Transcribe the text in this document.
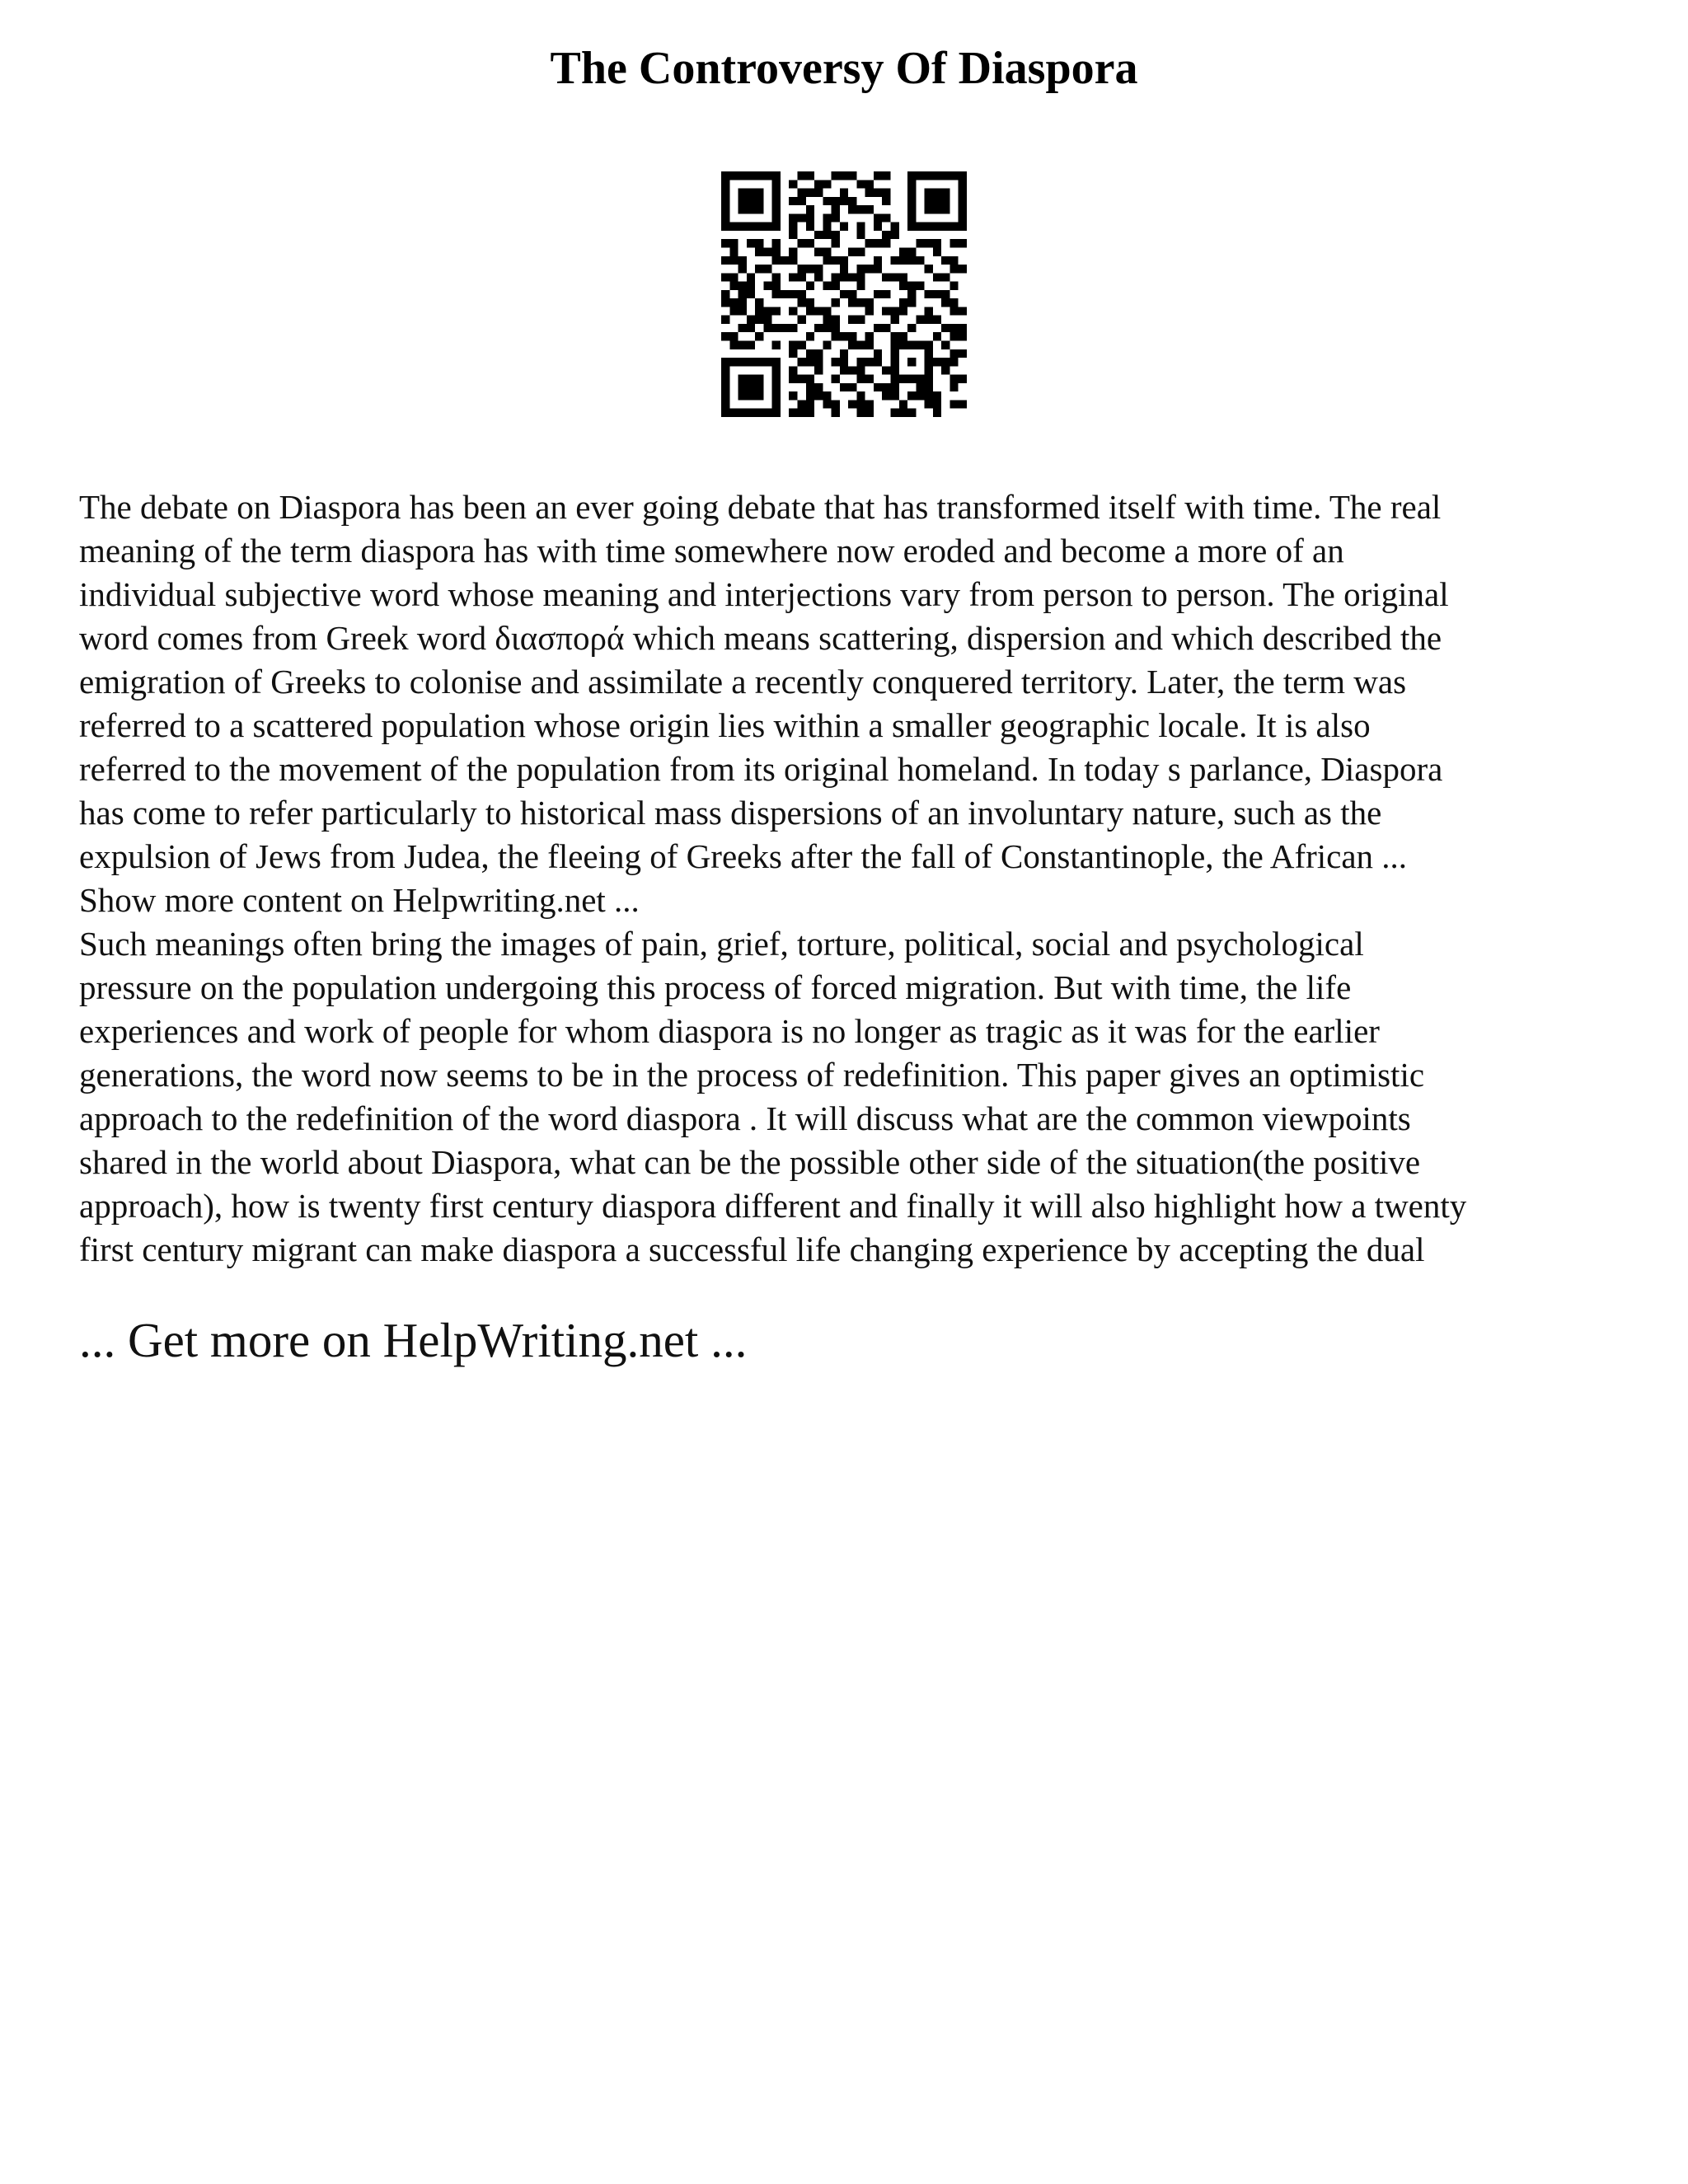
The Controversy Of Diaspora
The debate on Diaspora has been an ever going debate that has transformed itself with time. The real
meaning of the term diaspora has with time somewhere now eroded and become a more of an
individual subjective word whose meaning and interjections vary from person to person. The original
word comes from Greek word διασπορά which means scattering, dispersion and which described the
emigration of Greeks to colonise and assimilate a recently conquered territory. Later, the term was
referred to a scattered population whose origin lies within a smaller geographic locale. It is also
referred to the movement of the population from its original homeland. In today s parlance, Diaspora
has come to refer particularly to historical mass dispersions of an involuntary nature, such as the
expulsion of Jews from Judea, the fleeing of Greeks after the fall of Constantinople, the African ...
Show more content on Helpwriting.net ...
Such meanings often bring the images of pain, grief, torture, political, social and psychological
pressure on the population undergoing this process of forced migration. But with time, the life
experiences and work of people for whom diaspora is no longer as tragic as it was for the earlier
generations, the word now seems to be in the process of redefinition. This paper gives an optimistic
approach to the redefinition of the word diaspora . It will discuss what are the common viewpoints
shared in the world about Diaspora, what can be the possible other side of the situation(the positive
approach), how is twenty first century diaspora different and finally it will also highlight how a twenty
first century migrant can make diaspora a successful life changing experience by accepting the dual
... Get more on HelpWriting.net ...
